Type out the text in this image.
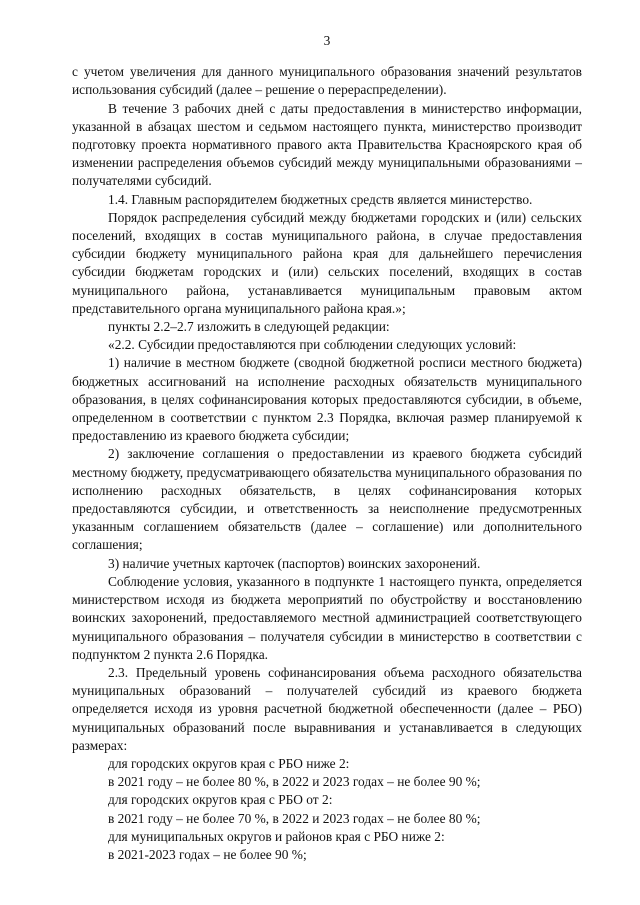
3

с учетом увеличения для данного муниципального образования значений результатов использования субсидий (далее – решение о перераспределении).

В течение 3 рабочих дней с даты предоставления в министерство информации, указанной в абзацах шестом и седьмом настоящего пункта, министерство производит подготовку проекта нормативного правого акта Правительства Красноярского края об изменении распределения объемов субсидий между муниципальными образованиями – получателями субсидий.

1.4. Главным распорядителем бюджетных средств является министерство.

Порядок распределения субсидий между бюджетами городских и (или) сельских поселений, входящих в состав муниципального района, в случае предоставления субсидии бюджету муниципального района края для дальнейшего перечисления субсидии бюджетам городских и (или) сельских поселений, входящих в состав муниципального района, устанавливается муниципальным правовым актом представительного органа муниципального района края.»;

пункты 2.2–2.7 изложить в следующей редакции:

«2.2. Субсидии предоставляются при соблюдении следующих условий:

1) наличие в местном бюджете (сводной бюджетной росписи местного бюджета) бюджетных ассигнований на исполнение расходных обязательств муниципального образования, в целях софинансирования которых предоставляются субсидии, в объеме, определенном в соответствии с пунктом 2.3 Порядка, включая размер планируемой к предоставлению из краевого бюджета субсидии;

2) заключение соглашения о предоставлении из краевого бюджета субсидий местному бюджету, предусматривающего обязательства муниципального образования по исполнению расходных обязательств, в целях софинансирования которых предоставляются субсидии, и ответственность за неисполнение предусмотренных указанным соглашением обязательств (далее – соглашение) или дополнительного соглашения;

3) наличие учетных карточек (паспортов) воинских захоронений.

Соблюдение условия, указанного в подпункте 1 настоящего пункта, определяется министерством исходя из бюджета мероприятий по обустройству и восстановлению воинских захоронений, предоставляемого местной администрацией соответствующего муниципального образования – получателя субсидии в министерство в соответствии с подпунктом 2 пункта 2.6 Порядка.

2.3. Предельный уровень софинансирования объема расходного обязательства муниципальных образований – получателей субсидий из краевого бюджета определяется исходя из уровня расчетной бюджетной обеспеченности (далее – РБО) муниципальных образований после выравнивания и устанавливается в следующих размерах:

для городских округов края с РБО ниже 2:

в 2021 году – не более 80 %, в 2022 и 2023 годах – не более 90 %;

для городских округов края с РБО от 2:

в 2021 году – не более 70 %, в 2022 и 2023 годах – не более 80 %;

для муниципальных округов и районов края с РБО ниже 2:

в 2021-2023 годах – не более 90 %;
